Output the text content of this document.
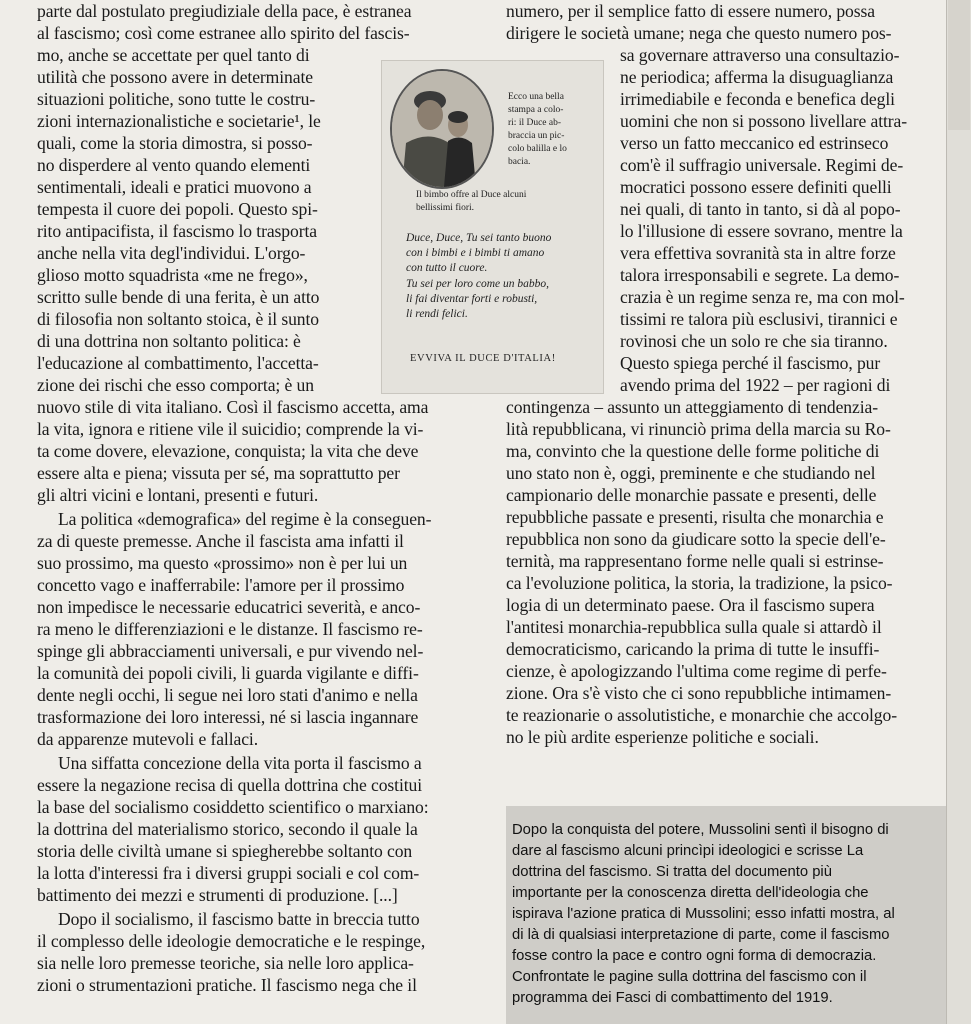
parte dal postulato pregiudiziale della pace, è estranea
al fascismo; così come estranee allo spirito del fascis-
mo, anche se accettate per quel tanto di
utilità che possono avere in determinate
situazioni politiche, sono tutte le costru-
zioni internazionalistiche e societarie¹, le
quali, come la storia dimostra, si posso-
no disperdere al vento quando elementi
sentimentali, ideali e pratici muovono a
tempesta il cuore dei popoli. Questo spi-
rito antipacifista, il fascismo lo trasporta
anche nella vita degl'individui. L'orgo-
glioso motto squadrista «me ne frego»,
scritto sulle bende di una ferita, è un atto
di filosofia non soltanto stoica, è il sunto
di una dottrina non soltanto politica: è
l'educazione al combattimento, l'accetta-
zione dei rischi che esso comporta; è un
nuovo stile di vita italiano. Così il fascismo accetta, ama
la vita, ignora e ritiene vile il suicidio; comprende la vi-
ta come dovere, elevazione, conquista; la vita che deve
essere alta e piena; vissuta per sé, ma soprattutto per
gli altri vicini e lontani, presenti e futuri.
La politica «demografica» del regime è la conseguen-
za di queste premesse. Anche il fascista ama infatti il
suo prossimo, ma questo «prossimo» non è per lui un
concetto vago e inafferrabile: l'amore per il prossimo
non impedisce le necessarie educatrici severità, e anco-
ra meno le differenziazioni e le distanze. Il fascismo re-
spinge gli abbracciamenti universali, e pur vivendo nel-
la comunità dei popoli civili, li guarda vigilante e diffi-
dente negli occhi, li segue nei loro stati d'animo e nella
trasformazione dei loro interessi, né si lascia ingannare
da apparenze mutevoli e fallaci.
Una siffatta concezione della vita porta il fascismo a
essere la negazione recisa di quella dottrina che costitui
la base del socialismo cosiddetto scientifico o marxiano:
la dottrina del materialismo storico, secondo il quale la
storia delle civiltà umane si spiegherebbe soltanto con
la lotta d'interessi fra i diversi gruppi sociali e col com-
battimento dei mezzi e strumenti di produzione. [...]
Dopo il socialismo, il fascismo batte in breccia tutto
il complesso delle ideologie democratiche e le respinge,
sia nelle loro premesse teoriche, sia nelle loro applica-
zioni o strumentazioni pratiche. Il fascismo nega che il
Ecco una bella
stampa a colo-
ri: il Duce ab-
braccia un pic-
colo balilla e lo
bacia.
Il bimbo offre al Duce alcuni
bellissimi fiori.
Duce, Duce, Tu sei tanto buono
con i bimbi e i bimbi ti amano
con tutto il cuore.
Tu sei per loro come un babbo,
li fai diventar forti e robusti,
li rendi felici.
EVVIVA IL DUCE D'ITALIA!
numero, per il semplice fatto di essere numero, possa
dirigere le società umane; nega che questo numero pos-
sa governare attraverso una consultazio-
ne periodica; afferma la disuguaglianza
irrimediabile e feconda e benefica degli
uomini che non si possono livellare attra-
verso un fatto meccanico ed estrinseco
com'è il suffragio universale. Regimi de-
mocratici possono essere definiti quelli
nei quali, di tanto in tanto, si dà al popo-
lo l'illusione di essere sovrano, mentre la
vera effettiva sovranità sta in altre forze
talora irresponsabili e segrete. La demo-
crazia è un regime senza re, ma con mol-
tissimi re talora più esclusivi, tirannici e
rovinosi che un solo re che sia tiranno.
Questo spiega perché il fascismo, pur
avendo prima del 1922 – per ragioni di
contingenza – assunto un atteggiamento di tendenzia-
lità repubblicana, vi rinunciò prima della marcia su Ro-
ma, convinto che la questione delle forme politiche di
uno stato non è, oggi, preminente e che studiando nel
campionario delle monarchie passate e presenti, delle
repubbliche passate e presenti, risulta che monarchia e
repubblica non sono da giudicare sotto la specie dell'e-
ternità, ma rappresentano forme nelle quali si estrinse-
ca l'evoluzione politica, la storia, la tradizione, la psico-
logia di un determinato paese. Ora il fascismo supera
l'antitesi monarchia-repubblica sulla quale si attardò il
democraticismo, caricando la prima di tutte le insuffi-
cienze, è apologizzando l'ultima come regime di perfe-
zione. Ora s'è visto che ci sono repubbliche intimamen-
te reazionarie o assolutistiche, e monarchie che accolgo-
no le più ardite esperienze politiche e sociali.
Dopo la conquista del potere, Mussolini sentì il bisogno di
dare al fascismo alcuni princìpi ideologici e scrisse La
dottrina del fascismo. Si tratta del documento più
importante per la conoscenza diretta dell'ideologia che
ispirava l'azione pratica di Mussolini; esso infatti mostra, al
di là di qualsiasi interpretazione di parte, come il fascismo
fosse contro la pace e contro ogni forma di democrazia.
Confrontate le pagine sulla dottrina del fascismo con il
programma dei Fasci di combattimento del 1919.
